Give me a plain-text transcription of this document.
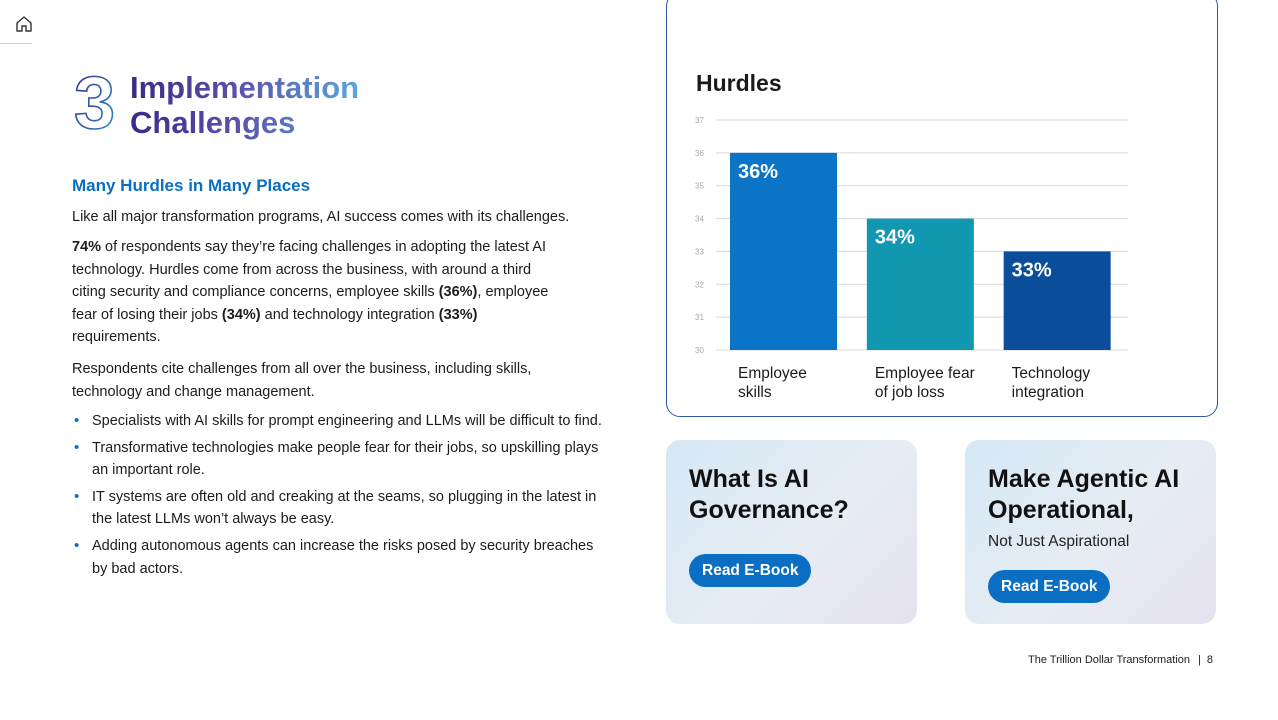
3 Implementation
Challenges
Many Hurdles in Many Places
Like all major transformation programs, AI success comes with its challenges.
74% of respondents say they’re facing challenges in adopting the latest AI technology. Hurdles come from across the business, with around a third citing security and compliance concerns, employee skills (36%), employee fear of losing their jobs (34%) and technology integration (33%) requirements.
Respondents cite challenges from all over the business, including skills, technology and change management.
• Specialists with AI skills for prompt engineering and LLMs will be difficult to find.
• Transformative technologies make people fear for their jobs, so upskilling plays an important role.
• IT systems are often old and creaking at the seams, so plugging in the latest in the latest LLMs won’t always be easy.
• Adding autonomous agents can increase the risks posed by security breaches by bad actors.
Hurdles
30
31
32
33
34
35
36
37
36%
Employee
skills
34%
Employee fear
of job loss
33%
Technology
integration
What Is AI Governance?
Read E-Book
Make Agentic AI Operational,
Not Just Aspirational
Read E-Book
The Trillion Dollar Transformation | 8
